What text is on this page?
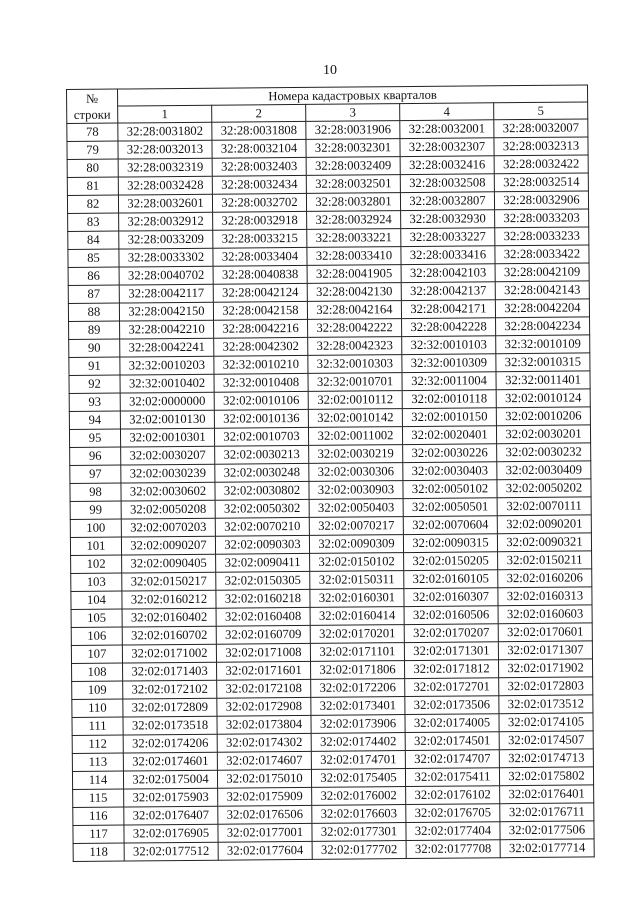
10
№
строки	Номера кадастровых кварталов				
	1	2	3	4	5
78	32:28:0031802	32:28:0031808	32:28:0031906	32:28:0032001	32:28:0032007
79	32:28:0032013	32:28:0032104	32:28:0032301	32:28:0032307	32:28:0032313
80	32:28:0032319	32:28:0032403	32:28:0032409	32:28:0032416	32:28:0032422
81	32:28:0032428	32:28:0032434	32:28:0032501	32:28:0032508	32:28:0032514
82	32:28:0032601	32:28:0032702	32:28:0032801	32:28:0032807	32:28:0032906
83	32:28:0032912	32:28:0032918	32:28:0032924	32:28:0032930	32:28:0033203
84	32:28:0033209	32:28:0033215	32:28:0033221	32:28:0033227	32:28:0033233
85	32:28:0033302	32:28:0033404	32:28:0033410	32:28:0033416	32:28:0033422
86	32:28:0040702	32:28:0040838	32:28:0041905	32:28:0042103	32:28:0042109
87	32:28:0042117	32:28:0042124	32:28:0042130	32:28:0042137	32:28:0042143
88	32:28:0042150	32:28:0042158	32:28:0042164	32:28:0042171	32:28:0042204
89	32:28:0042210	32:28:0042216	32:28:0042222	32:28:0042228	32:28:0042234
90	32:28:0042241	32:28:0042302	32:28:0042323	32:32:0010103	32:32:0010109
91	32:32:0010203	32:32:0010210	32:32:0010303	32:32:0010309	32:32:0010315
92	32:32:0010402	32:32:0010408	32:32:0010701	32:32:0011004	32:32:0011401
93	32:02:0000000	32:02:0010106	32:02:0010112	32:02:0010118	32:02:0010124
94	32:02:0010130	32:02:0010136	32:02:0010142	32:02:0010150	32:02:0010206
95	32:02:0010301	32:02:0010703	32:02:0011002	32:02:0020401	32:02:0030201
96	32:02:0030207	32:02:0030213	32:02:0030219	32:02:0030226	32:02:0030232
97	32:02:0030239	32:02:0030248	32:02:0030306	32:02:0030403	32:02:0030409
98	32:02:0030602	32:02:0030802	32:02:0030903	32:02:0050102	32:02:0050202
99	32:02:0050208	32:02:0050302	32:02:0050403	32:02:0050501	32:02:0070111
100	32:02:0070203	32:02:0070210	32:02:0070217	32:02:0070604	32:02:0090201
101	32:02:0090207	32:02:0090303	32:02:0090309	32:02:0090315	32:02:0090321
102	32:02:0090405	32:02:0090411	32:02:0150102	32:02:0150205	32:02:0150211
103	32:02:0150217	32:02:0150305	32:02:0150311	32:02:0160105	32:02:0160206
104	32:02:0160212	32:02:0160218	32:02:0160301	32:02:0160307	32:02:0160313
105	32:02:0160402	32:02:0160408	32:02:0160414	32:02:0160506	32:02:0160603
106	32:02:0160702	32:02:0160709	32:02:0170201	32:02:0170207	32:02:0170601
107	32:02:0171002	32:02:0171008	32:02:0171101	32:02:0171301	32:02:0171307
108	32:02:0171403	32:02:0171601	32:02:0171806	32:02:0171812	32:02:0171902
109	32:02:0172102	32:02:0172108	32:02:0172206	32:02:0172701	32:02:0172803
110	32:02:0172809	32:02:0172908	32:02:0173401	32:02:0173506	32:02:0173512
111	32:02:0173518	32:02:0173804	32:02:0173906	32:02:0174005	32:02:0174105
112	32:02:0174206	32:02:0174302	32:02:0174402	32:02:0174501	32:02:0174507
113	32:02:0174601	32:02:0174607	32:02:0174701	32:02:0174707	32:02:0174713
114	32:02:0175004	32:02:0175010	32:02:0175405	32:02:0175411	32:02:0175802
115	32:02:0175903	32:02:0175909	32:02:0176002	32:02:0176102	32:02:0176401
116	32:02:0176407	32:02:0176506	32:02:0176603	32:02:0176705	32:02:0176711
117	32:02:0176905	32:02:0177001	32:02:0177301	32:02:0177404	32:02:0177506
118	32:02:0177512	32:02:0177604	32:02:0177702	32:02:0177708	32:02:0177714
